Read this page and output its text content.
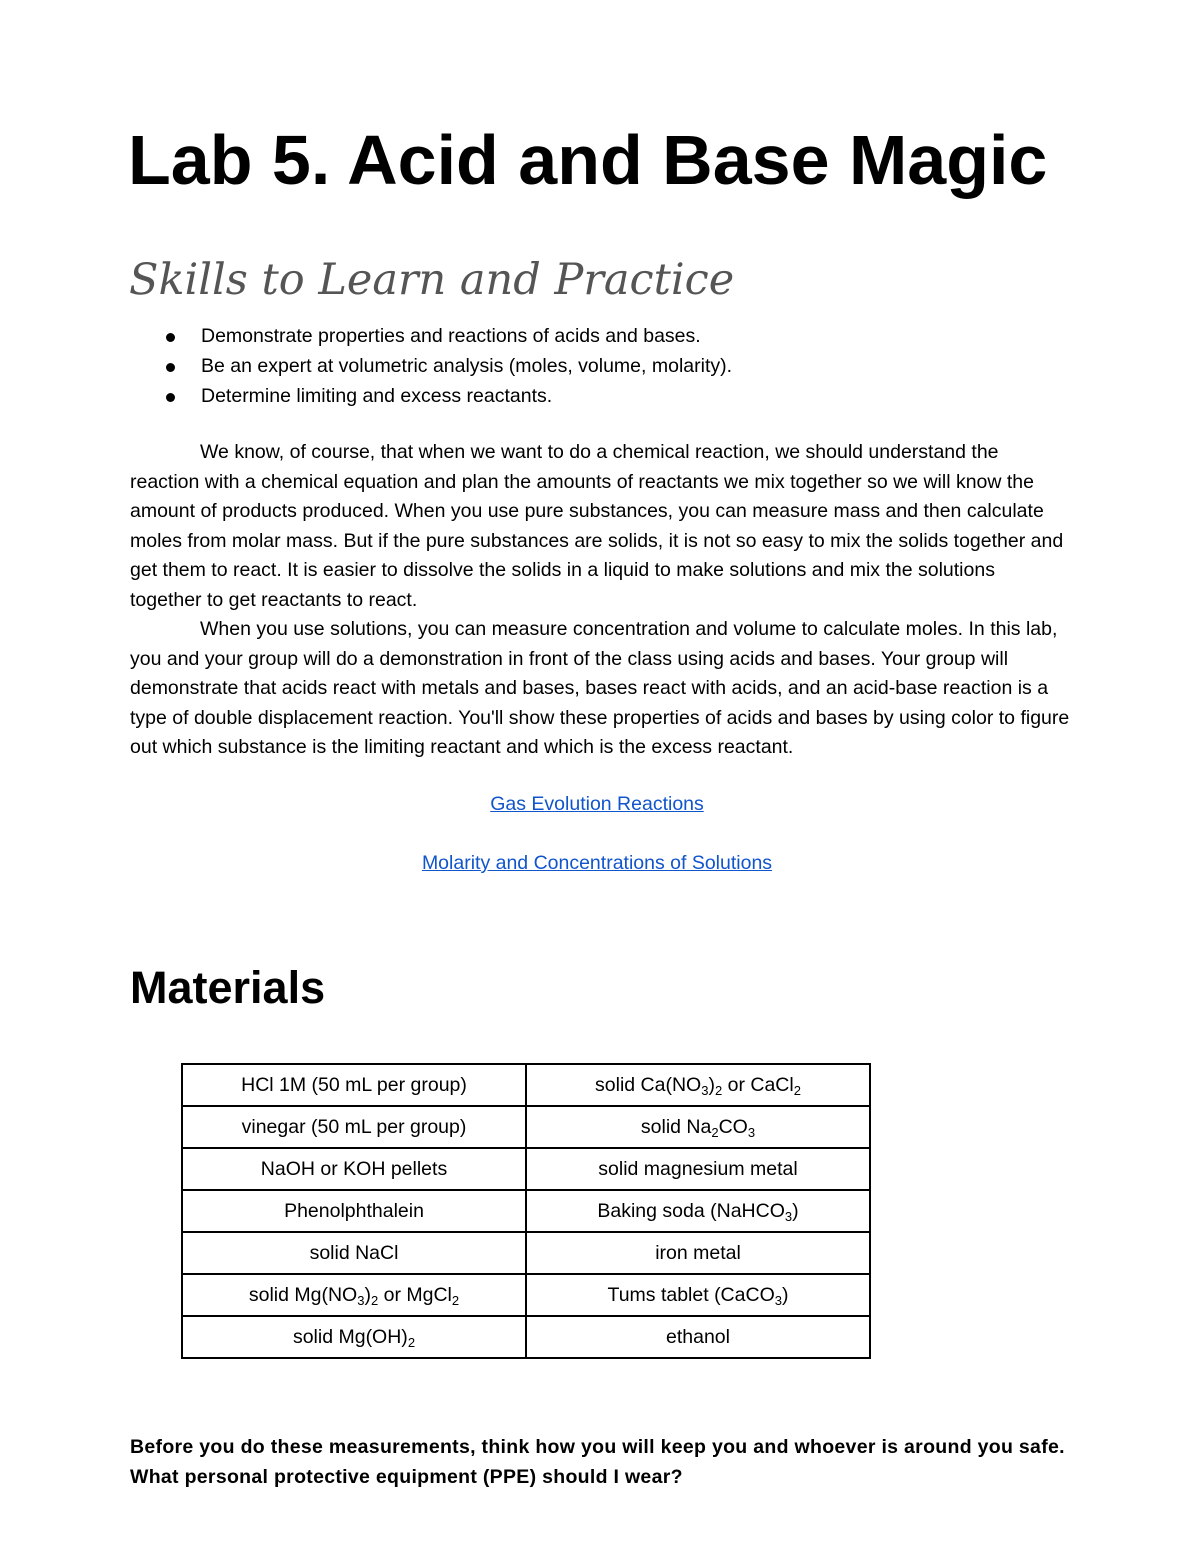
Lab 5. Acid and Base Magic
Skills to Learn and Practice
Demonstrate properties and reactions of acids and bases.
Be an expert at volumetric analysis (moles, volume, molarity).
Determine limiting and excess reactants.

We know, of course, that when we want to do a chemical reaction, we should understand the reaction with a chemical equation and plan the amounts of reactants we mix together so we will know the amount of products produced. When you use pure substances, you can measure mass and then calculate moles from molar mass. But if the pure substances are solids, it is not so easy to mix the solids together and get them to react. It is easier to dissolve the solids in a liquid to make solutions and mix the solutions together to get reactants to react.

When you use solutions, you can measure concentration and volume to calculate moles. In this lab, you and your group will do a demonstration in front of the class using acids and bases. Your group will demonstrate that acids react with metals and bases, bases react with acids, and an acid-base reaction is a type of double displacement reaction. You'll show these properties of acids and bases by using color to figure out which substance is the limiting reactant and which is the excess reactant.

Gas Evolution Reactions
Molarity and Concentrations of Solutions
Materials
HCl 1M (50 mL per group)	solid $Ca(NO_3)_2$ or CaCl$_2$
vinegar (50 mL per group)	solid $Na_2CO_3$
NaOH or KOH pellets	solid magnesium metal
Phenolphthalein	Baking soda (NaHCO$_3$)
solid NaCl	iron metal
solid $Mg(NO_3)_2$ or MgCl$_2$	Tums tablet (CaCO$_3$)
solid $Mg(OH)_2$	ethanol
Before you do these measurements, think how you will keep you and whoever is around you safe. What personal protective equipment (PPE) should I wear?
